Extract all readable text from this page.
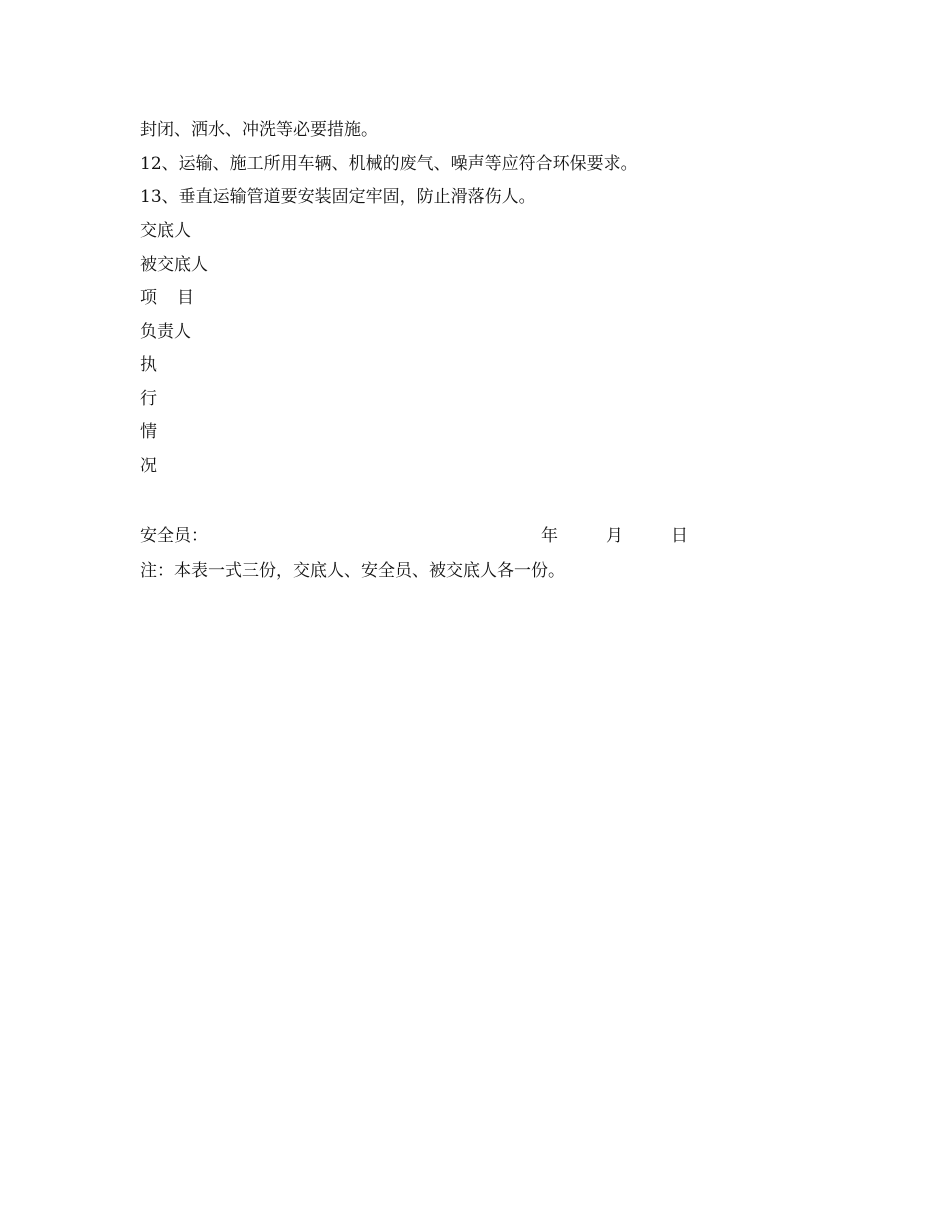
封闭、洒水、冲洗等必要措施。
12、运输、施工所用车辆、机械的废气、噪声等应符合环保要求。
13、垂直运输管道要安装固定牢固，防止滑落伤人。
交底人
被交底人
项 目
负责人
执
行
情
况
安全员：	年	月	日
注：本表一式三份，交底人、安全员、被交底人各一份。
